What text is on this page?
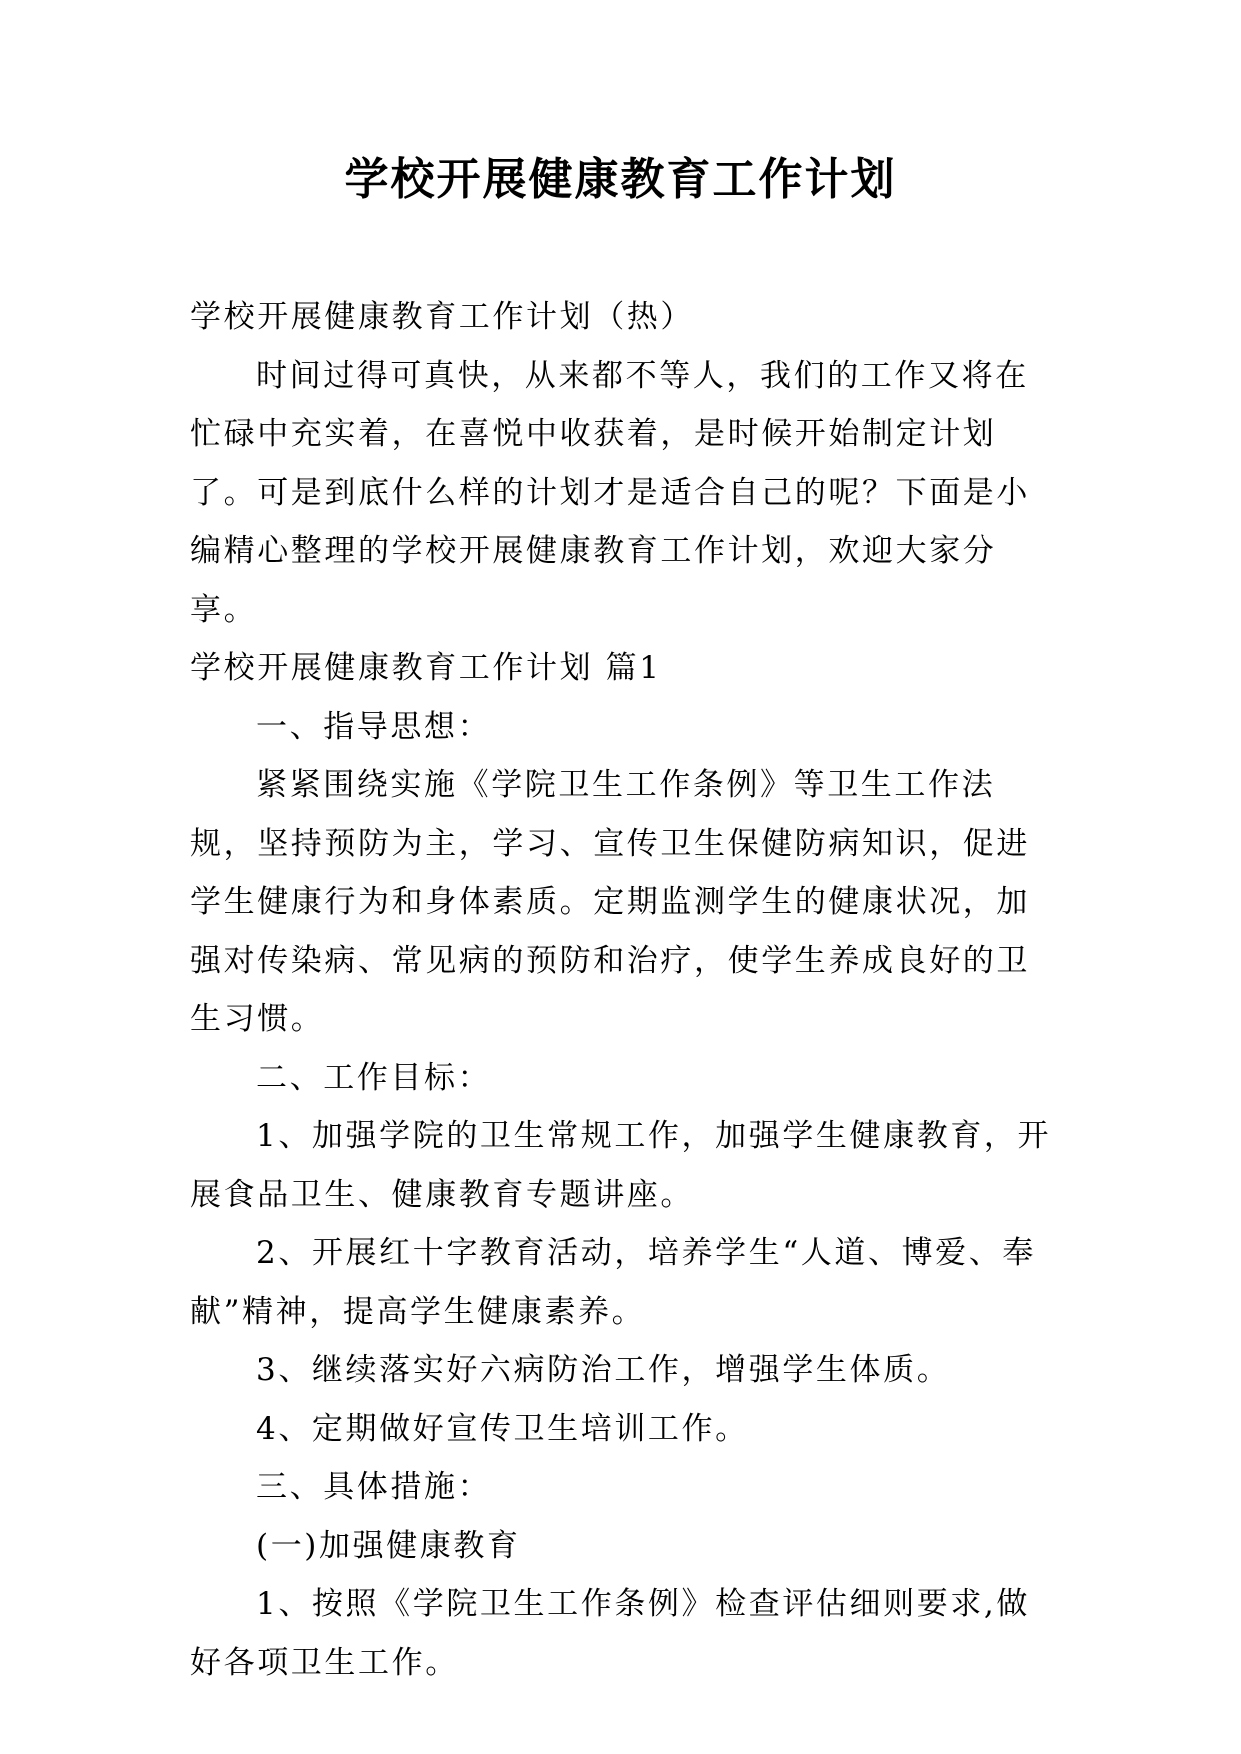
学校开展健康教育工作计划

学校开展健康教育工作计划（热）

时间过得可真快，从来都不等人，我们的工作又将在忙碌中充实着，在喜悦中收获着，是时候开始制定计划了。可是到底什么样的计划才是适合自己的呢？下面是小编精心整理的学校开展健康教育工作计划，欢迎大家分享。

学校开展健康教育工作计划 篇1

一、指导思想：

紧紧围绕实施《学院卫生工作条例》等卫生工作法规，坚持预防为主，学习、宣传卫生保健防病知识，促进学生健康行为和身体素质。定期监测学生的健康状况，加强对传染病、常见病的预防和治疗，使学生养成良好的卫生习惯。

二、工作目标：

1、加强学院的卫生常规工作，加强学生健康教育，开展食品卫生、健康教育专题讲座。

2、开展红十字教育活动，培养学生“人道、博爱、奉献”精神，提高学生健康素养。

3、继续落实好六病防治工作，增强学生体质。

4、定期做好宣传卫生培训工作。

三、具体措施：

(一)加强健康教育

1、按照《学院卫生工作条例》检查评估细则要求,做好各项卫生工作。
